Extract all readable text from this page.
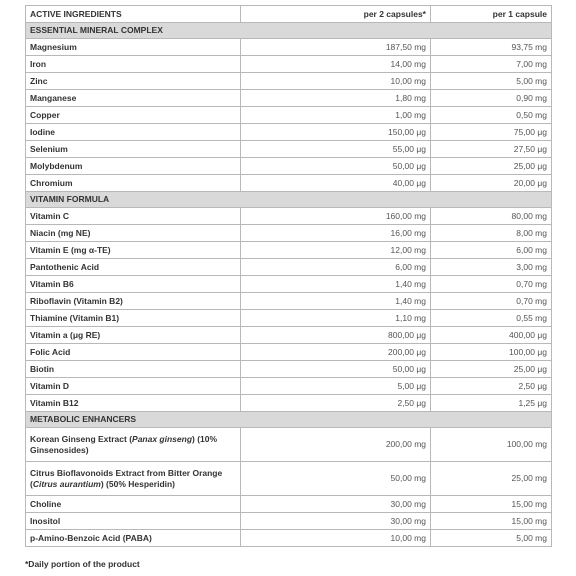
ACTIVE INGREDIENTS	per 2 capsules*	per 1 capsule
ESSENTIAL MINERAL COMPLEX		
Magnesium	187,50 mg	93,75 mg
Iron	14,00 mg	7,00 mg
Zinc	10,00 mg	5,00 mg
Manganese	1,80 mg	0,90 mg
Copper	1,00 mg	0,50 mg
Iodine	150,00 μg	75,00 μg
Selenium	55,00 μg	27,50 μg
Molybdenum	50,00 μg	25,00 μg
Chromium	40,00 μg	20,00 μg
VITAMIN FORMULA		
Vitamin C	160,00 mg	80,00 mg
Niacin (mg NE)	16,00 mg	8,00 mg
Vitamin E (mg α-TE)	12,00 mg	6,00 mg
Pantothenic Acid	6,00 mg	3,00 mg
Vitamin B6	1,40 mg	0,70 mg
Riboflavin (Vitamin B2)	1,40 mg	0,70 mg
Thiamine (Vitamin B1)	1,10 mg	0,55 mg
Vitamin a (μg RE)	800,00 μg	400,00 μg
Folic Acid	200,00 μg	100,00 μg
Biotin	50,00 μg	25,00 μg
Vitamin D	5,00 μg	2,50 μg
Vitamin B12	2,50 μg	1,25 μg
METABOLIC ENHANCERS		
Korean Ginseng Extract (Panax ginseng) (10% Ginsenosides)	200,00 mg	100,00 mg
Citrus Bioflavonoids Extract from Bitter Orange (Citrus aurantium) (50% Hesperidin)	50,00 mg	25,00 mg
Choline	30,00 mg	15,00 mg
Inositol	30,00 mg	15,00 mg
p-Amino-Benzoic Acid (PABA)	10,00 mg	5,00 mg
*Daily portion of the product
